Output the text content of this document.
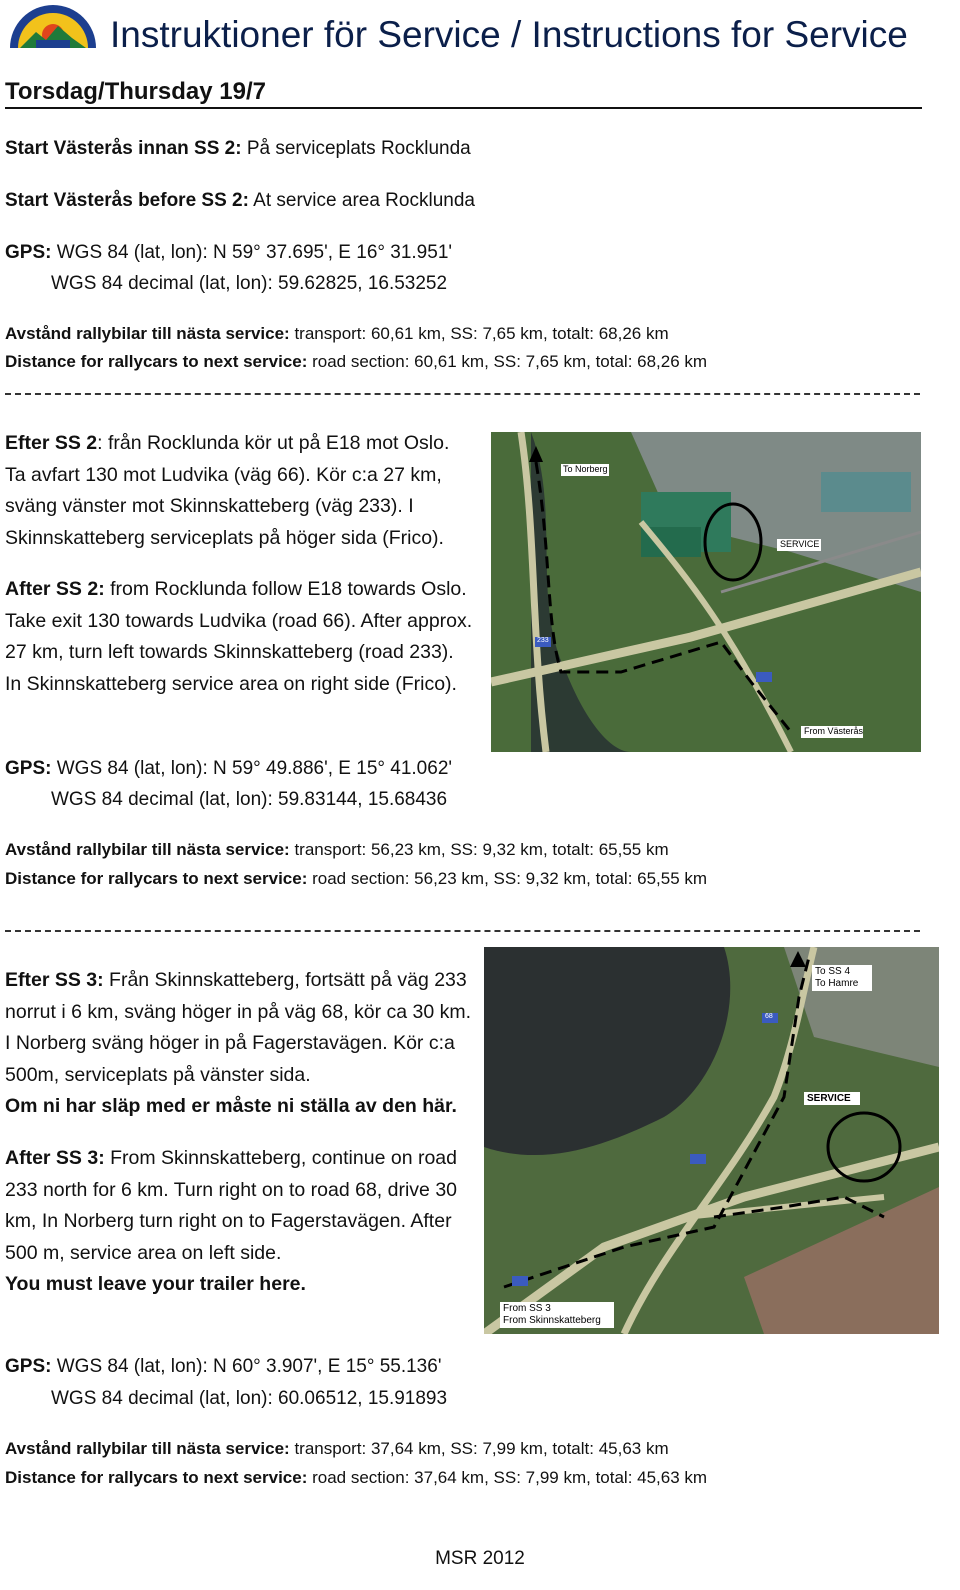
Instruktioner för Service / Instructions for Service
Torsdag/Thursday 19/7
Start Västerås innan SS 2: På serviceplats Rocklunda
Start Västerås before SS 2: At service area Rocklunda
GPS: WGS 84 (lat, lon): N 59° 37.695', E 16° 31.951'
WGS 84 decimal (lat, lon): 59.62825, 16.53252
Avstånd rallybilar till nästa service: transport: 60,61 km, SS: 7,65 km, totalt: 68,26 km
Distance for rallycars to next service: road section: 60,61 km, SS: 7,65 km, total: 68,26 km

Efter SS 2: från Rocklunda kör ut på E18 mot Oslo. Ta avfart 130 mot Ludvika (väg 66). Kör c:a 27 km, sväng vänster mot Skinnskatteberg (väg 233). I Skinnskatteberg serviceplats på höger sida (Frico).

After SS 2: from Rocklunda follow E18 towards Oslo. Take exit 130 towards Ludvika (road 66). After approx. 27 km, turn left towards Skinnskatteberg (road 233). In Skinnskatteberg service area on right side (Frico).

To Norberg
SERVICE
From Västerås
233
GPS: WGS 84 (lat, lon): N 59° 49.886', E 15° 41.062'
WGS 84 decimal (lat, lon): 59.83144, 15.68436
Avstånd rallybilar till nästa service: transport: 56,23 km, SS: 9,32 km, totalt: 65,55 km
Distance for rallycars to next service: road section: 56,23 km, SS: 9,32 km, total: 65,55 km

Efter SS 3: Från Skinnskatteberg, fortsätt på väg 233 norrut i 6 km, sväng höger in på väg 68, kör ca 30 km. I Norberg sväng höger in på Fagerstavägen. Kör c:a 500m, serviceplats på vänster sida.

Om ni har släp med er måste ni ställa av den här.

After SS 3: From Skinnskatteberg, continue on road 233 north for 6 km. Turn right on to road 68, drive 30 km, In Norberg turn right on to Fagerstavägen. After 500 m, service area on left side.

You must leave your trailer here.

To SS 4
To Hamre
SERVICE
From SS 3
From Skinnskatteberg
68
GPS: WGS 84 (lat, lon): N 60° 3.907', E 15° 55.136'
WGS 84 decimal (lat, lon): 60.06512, 15.91893
Avstånd rallybilar till nästa service: transport: 37,64 km, SS: 7,99 km, totalt: 45,63 km
Distance for rallycars to next service: road section: 37,64 km, SS: 7,99 km, total: 45,63 km
MSR 2012
